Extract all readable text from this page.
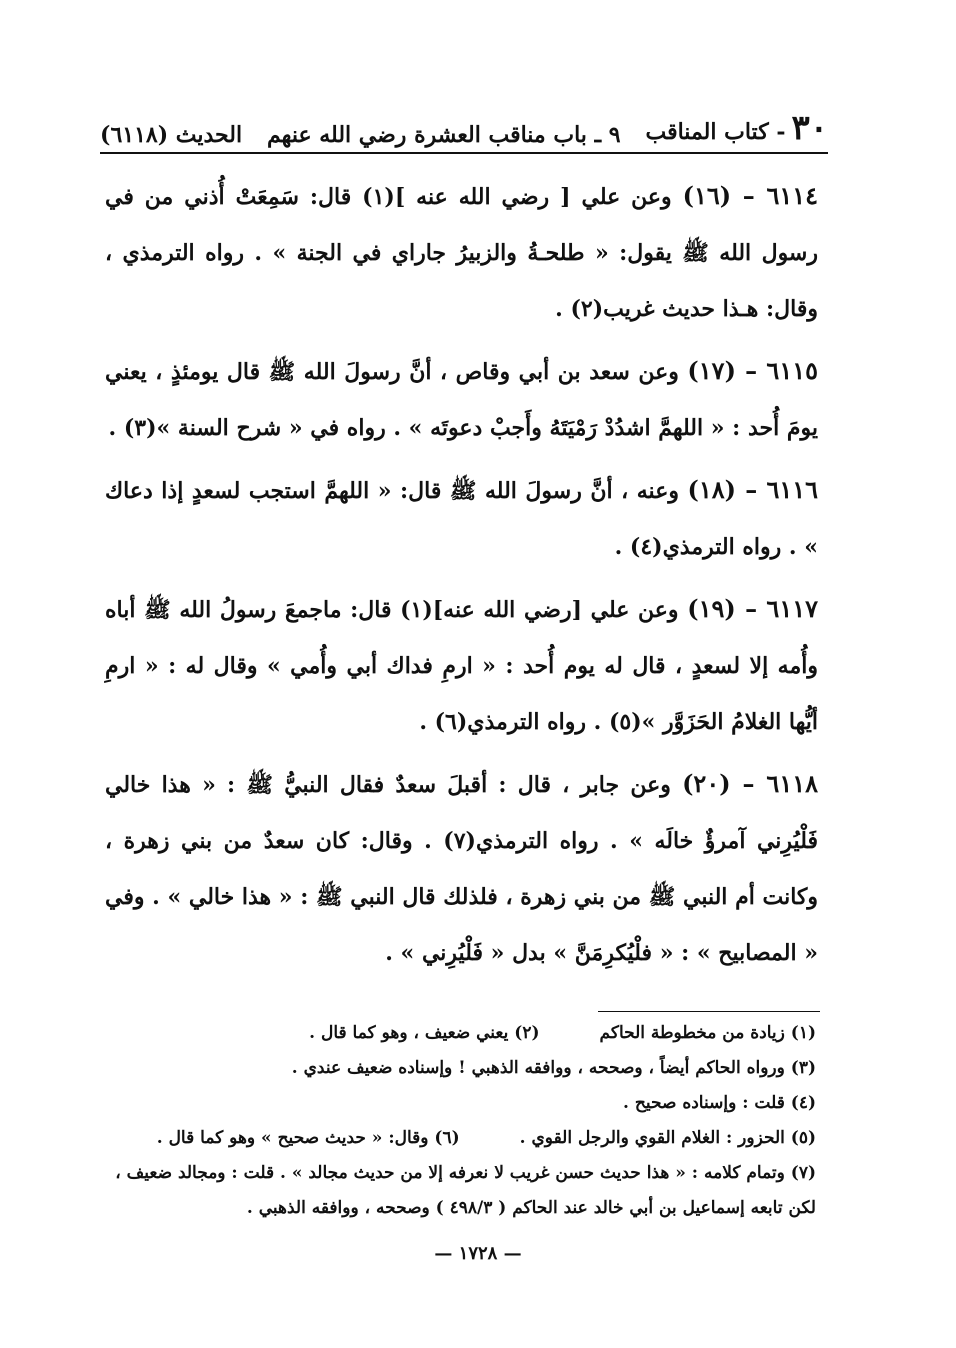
٣٠
- كتاب المناقب
٩ ـ باب مناقب العشرة رضي الله عنهم
الحديث (٦١١٨)

٦١١٤ – (١٦) وعن علي [ رضي الله عنه ](١) قال: سَمِعَتْ أُذني من في رسول الله ﷺ يقول: « طلحـةُ والزبيرُ جاراي في الجنة » . رواه الترمذي ، وقال: هـذا حديث غريب(٢) .

٦١١٥ – (١٧) وعن سعد بن أبي وقاص ، أنَّ رسولَ الله ﷺ قال يومئذٍ ، يعني يومَ أُحد : « اللهمَّ اشدُدْ رَمْيَتَهُ وأَجبْ دعوتَه » . رواه في « شرح السنة »(٣) .

٦١١٦ – (١٨) وعنه ، أنَّ رسولَ الله ﷺ قال: « اللهمَّ استجب لسعدٍ إذا دعاك » . رواه الترمذي(٤) .

٦١١٧ – (١٩) وعن علي [رضي الله عنه](١) قال: ماجمعَ رسولُ الله ﷺ أباه وأُمه إلا لسعدٍ ، قال له يوم أُحد : « ارمِ فداك أبي وأُمي » وقال له : « ارمِ أيُّها الغلامُ الحَزَوَّر »(٥) . رواه الترمذي(٦) .

٦١١٨ – (٢٠) وعن جابر ، قال : أقبلَ سعدٌ فقال النبيُّ ﷺ : « هذا خالي فَلْيُرِني آمرؤٌ خالَه » . رواه الترمذي(٧) . وقال: كان سعدٌ من بني زهرة ، وكانت أم النبي ﷺ من بني زهرة ، فلذلك قال النبي ﷺ : « هذا خالي » . وفي « المصابيح » : « فلْيُكرِمَنَّ » بدل « فَلْيُرِني » .

(١) زيادة من مخطوطة الحاكم
(٢) يعني ضعيف ، وهو كما قال .
(٣) ورواه الحاكم أيضاً ، وصححه ، ووافقه الذهبي ! وإسناده ضعيف عندي .
(٤) قلت : وإسناده صحيح .
(٥) الحزور : الغلام القوي والرجل القوي .
(٦) وقال: « حديث صحيح » وهو كما قال .
(٧) وتمام كلامه : « هذا حديث حسن غريب لا نعرفه إلا من حديث مجالد » . قلت : ومجالد ضعيف ، لكن تابعه إسماعيل بن أبي خالد عند الحاكم ( ٤٩٨/٣ ) وصححه ، ووافقه الذهبي .
— ١٧٢٨ —
